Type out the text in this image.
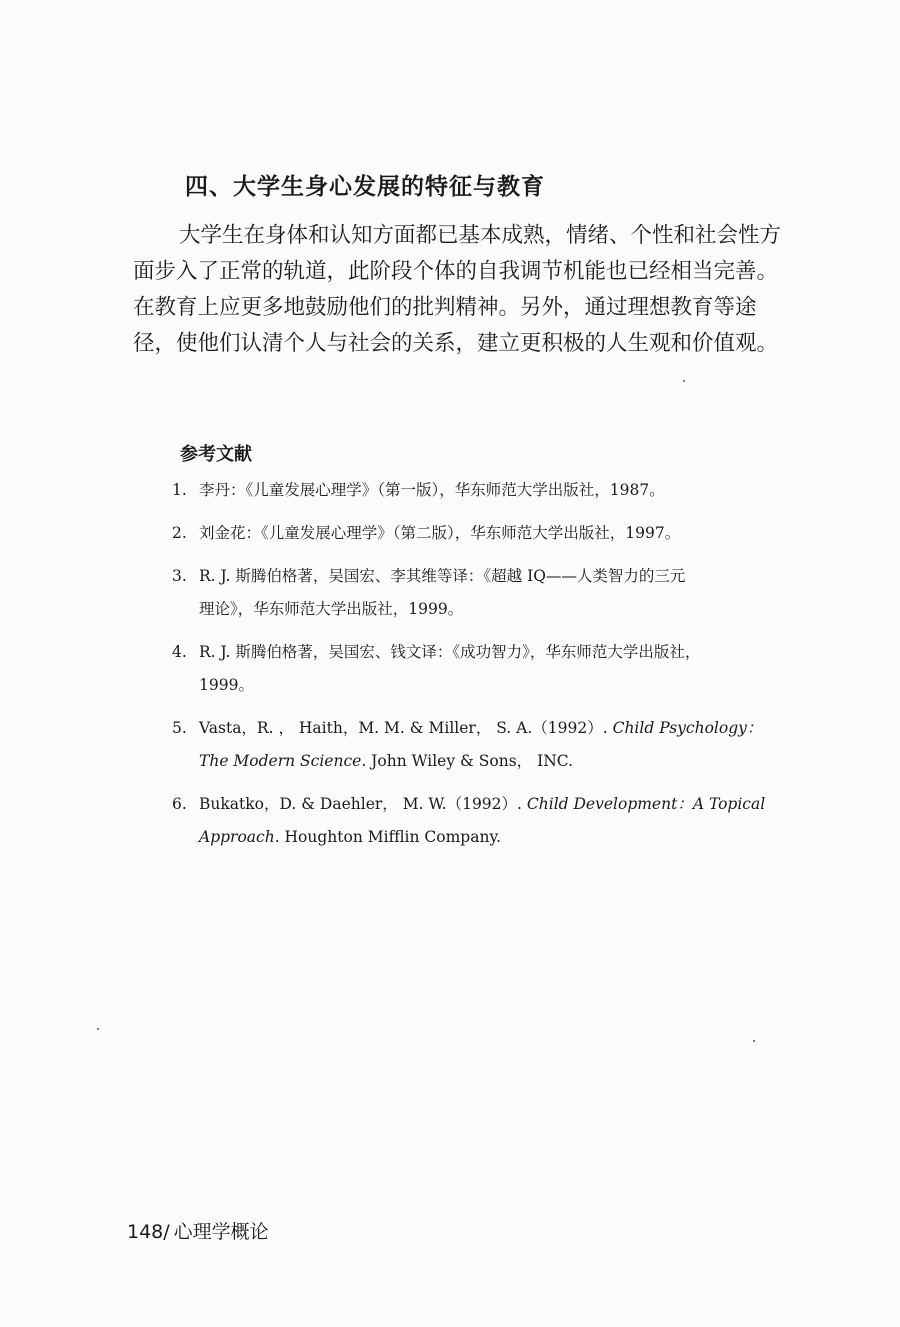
四、大学生身心发展的特征与教育

大学生在身体和认知方面都已基本成熟，情绪、个性和社会性方
面步入了正常的轨道，此阶段个体的自我调节机能也已经相当完善。
在教育上应更多地鼓励他们的批判精神。另外，通过理想教育等途
径，使他们认清个人与社会的关系，建立更积极的人生观和价值观。

参考文献
1. 李丹：《儿童发展心理学》（第一版），华东师范大学出版社，1987。
2. 刘金花：《儿童发展心理学》（第二版），华东师范大学出版社，1997。
3. R. J. 斯腾伯格著，吴国宏、李其维等译：《超越 IQ——人类智力的三元
理论》，华东师范大学出版社，1999。
4. R. J. 斯腾伯格著，吴国宏、钱文译：《成功智力》，华东师范大学出版社，
1999。
5. Vasta，R. ， Haith，M. M. & Miller， S. A.（1992）. Child Psychology：
The Modern Science. John Wiley & Sons， INC.
6. Bukatko，D. & Daehler， M. W.（1992）. Child Development：A Topical
Approach. Houghton Mifflin Company.
148/ 心理学概论
